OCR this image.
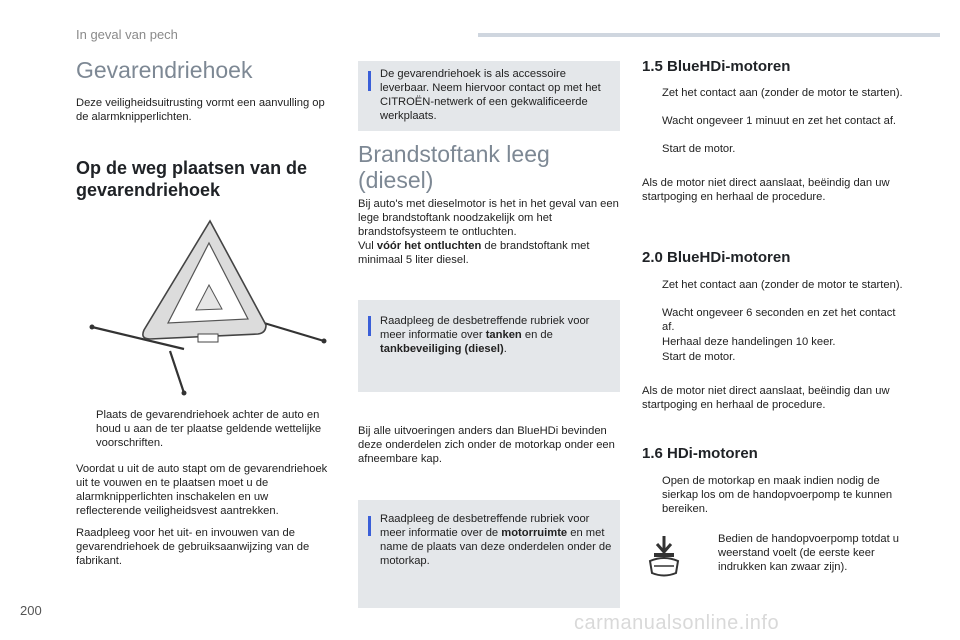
In geval van pech
Gevarendriehoek
Deze veiligheidsuitrusting vormt een aanvulling op de alarmknipperlichten.
Op de weg plaatsen van de gevarendriehoek
Plaats de gevarendriehoek achter de auto en houd u aan de ter plaatse geldende wettelijke voorschriften.
Voordat u uit de auto stapt om de gevarendriehoek uit te vouwen en te plaatsen moet u de alarmknipperlichten inschakelen en uw reflecterende veiligheidsvest aantrekken.
Raadpleeg voor het uit- en invouwen van de gevarendriehoek de gebruiksaanwijzing van de fabrikant.
De gevarendriehoek is als accessoire leverbaar. Neem hiervoor contact op met het CITROËN-netwerk of een gekwalificeerde werkplaats.
Brandstoftank leeg (diesel)
Bij auto's met dieselmotor is het in het geval van een lege brandstoftank noodzakelijk om het brandstofsysteem te ontluchten.
Vul vóór het ontluchten de brandstoftank met minimaal 5 liter diesel.
Raadpleeg de desbetreffende rubriek voor meer informatie over tanken en de tankbeveiliging (diesel).
Bij alle uitvoeringen anders dan BlueHDi bevinden deze onderdelen zich onder de motorkap onder een afneembare kap.
Raadpleeg de desbetreffende rubriek voor meer informatie over de motorruimte en met name de plaats van deze onderdelen onder de motorkap.
1.5 BlueHDi-motoren
Zet het contact aan (zonder de motor te starten).
Wacht ongeveer 1 minuut en zet het contact af.
Start de motor.
Als de motor niet direct aanslaat, beëindig dan uw startpoging en herhaal de procedure.
2.0 BlueHDi-motoren
Zet het contact aan (zonder de motor te starten).
Wacht ongeveer 6 seconden en zet het contact af.
Herhaal deze handelingen 10 keer.
Start de motor.
Als de motor niet direct aanslaat, beëindig dan uw startpoging en herhaal de procedure.
1.6 HDi-motoren
Open de motorkap en maak indien nodig de sierkap los om de handopvoerpomp te kunnen bereiken.
Bedien de handopvoerpomp totdat u weerstand voelt (de eerste keer indrukken kan zwaar zijn).
200
carmanualsonline.info
